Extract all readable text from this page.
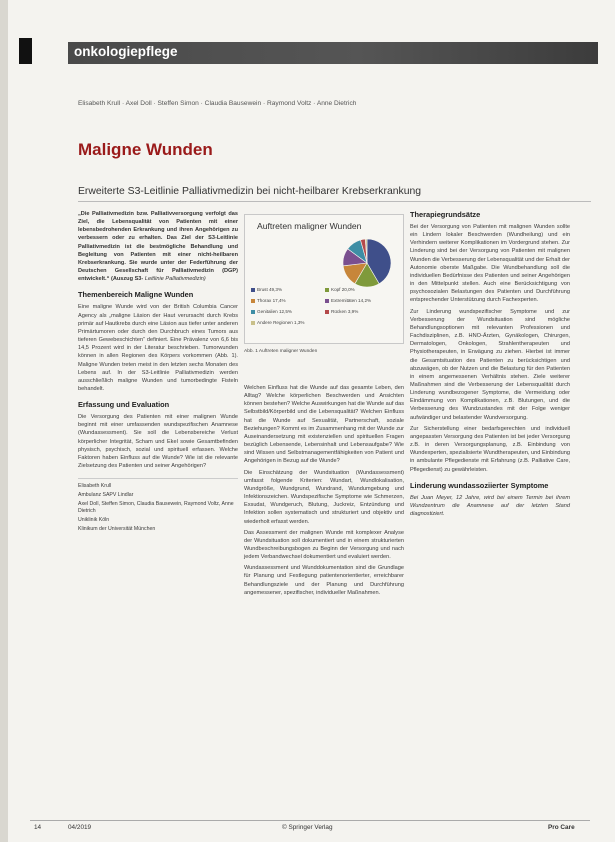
onkologiepflege
Elisabeth Krull · Axel Doll · Steffen Simon · Claudia Bausewein · Raymond Voltz · Anne Dietrich
Maligne Wunden
Erweiterte S3-Leitlinie Palliativmedizin bei nicht-heilbarer Krebserkrankung

„Die Palliativmedizin bzw. Palliativversorgung verfolgt das Ziel, die Lebensqualität von Patienten mit einer lebensbedrohenden Erkrankung und ihren Angehörigen zu verbessern oder zu erhalten. Das Ziel der S3-Leitlinie Palliativmedizin ist die bestmögliche Behandlung und Begleitung von Patienten mit einer nicht-heilbaren Krebserkrankung. Sie wurde unter der Federführung der Deutschen Gesellschaft für Palliativmedizin (DGP) entwickelt.“ (Auszug S3- Leitlinie Palliativmedizin)

Themenbereich Maligne Wunden

Eine maligne Wunde wird von der British Columbia Cancer Agency als „maligne Läsion der Haut verursacht durch Krebs primär auf Hautkrebs durch eine Läsion aus tiefer unter anderen Primärtumoren oder durch den Durchbruch eines Tumors aus tieferen Gewebeschichten“ definiert. Eine Prävalenz von 6,6 bis 14,5 Prozent wird in der Literatur beschrieben. Tumorwunden können in allen Regionen des Körpers vorkommen (Abb. 1). Maligne Wunden treten meist in den letzten sechs Monaten des Lebens auf. In der S3-Leitlinie Palliativmedizin werden ausschließlich maligne Wunden und tumorbedingte Fisteln behandelt.

Erfassung und Evaluation

Die Versorgung des Patienten mit einer malignen Wunde beginnt mit einer umfassenden wundspezifischen Anamnese (Wundassessment). Sie soll die Lebensbereiche Verlust körperlicher Integrität, Scham und Ekel sowie Gesamtbefinden physisch, psychisch, sozial und spirituell erfassen. Welche Faktoren haben Einfluss auf die Wunde? Wie ist die relevante Zielsetzung des Patienten und seiner Angehörigen?

Elisabeth Krull
Ambulanz SAPV Lindlar
Axel Doll, Steffen Simon, Claudia Bausewein, Raymond Voltz, Anne Dietrich
Uniklinik Köln
Klinikum der Universität München
Auftreten maligner Wunden
Brust 49,3%	Kopf 20,0%
Thorax 17,4%	Extremitäten 14,2%
Genitalien 12,5%	Rücken 3,9%
Andere Regionen 1,3%
Abb. 1 Auftreten maligner Wunden

Welchen Einfluss hat die Wunde auf das gesamte Leben, den Alltag? Welche körperlichen Beschwerden und Ansichten können bestehen? Welche Auswirkungen hat die Wunde auf das Selbstbild/Körperbild und die Lebensqualität? Welchen Einfluss hat die Wunde auf Sexualität, Partnerschaft, soziale Beziehungen? Kommt es im Zusammenhang mit der Wunde zur Auseinandersetzung mit existenziellen und spirituellen Fragen bezüglich Lebensende, Lebensinhalt und Lebensaufgabe? Wie sind Wissen und Selbstmanagementfähigkeiten von Patient und Angehörigen in Bezug auf die Wunde?

Die Einschätzung der Wundsituation (Wundassessment) umfasst folgende Kriterien: Wundart, Wundlokalisation, Wundgröße, Wundgrund, Wundrand, Wundumgebung und Infektionszeichen. Wundspezifische Symptome wie Schmerzen, Exsudat, Wundgeruch, Blutung, Juckreiz, Entzündung und Infektion sollen systematisch und strukturiert und objektiv und wiederholt erfasst werden.

Das Assessment der malignen Wunde mit komplexer Analyse der Wundsituation soll dokumentiert und in einem strukturierten Wundbeschreibungsbogen zu Beginn der Versorgung und nach jedem Verbandwechsel dokumentiert und evaluiert werden.

Wundassessment und Wunddokumentation sind die Grundlage für Planung und Festlegung patientenorientierter, erreichbarer Behandlungsziele und der Planung und Durchführung angemessener, spezifischer, individueller Maßnahmen.

Therapiegrundsätze

Bei der Versorgung von Patienten mit malignen Wunden sollte ein Lindern lokaler Beschwerden (Wundheilung) und ein Verhindern weiterer Komplikationen im Vordergrund stehen. Zur Linderung sind bei der Versorgung von Patienten mit malignen Wunden die Verbesserung der Lebensqualität und der Erhalt der Autonomie oberste Maßgabe. Die Wundbehandlung soll die individuellen Bedürfnisse des Patienten und seiner Angehörigen in den Mittelpunkt stellen. Auch eine Berücksichtigung von psychosozialen Belastungen des Patienten und Durchführung entsprechender Unterstützung durch Fachexperten.

Zur Linderung wundspezifischer Symptome und zur Verbesserung der Wundsituation sind mögliche Behandlungsoptionen mit relevanten Professionen und Fachdisziplinen, z.B. HNO-Ärzten, Gynäkologen, Chirurgen, Dermatologen, Onkologen, Strahlentherapeuten und Physiotherapeuten, in Erwägung zu ziehen. Hierbei ist immer die Gesamtsituation des Patienten zu berücksichtigen und abzuwägen, ob der Nutzen und die Belastung für den Patienten in einem angemessenen Verhältnis stehen. Ziele weiterer Maßnahmen sind die Verbesserung der Lebensqualität durch Linderung wundbezogener Symptome, die Vermeidung oder Eindämmung von Komplikationen, z.B. Blutungen, und die Verbesserung des Wundzustandes mit der Folge weniger aufwändiger und belastender Wundversorgung.

Zur Sicherstellung einer bedarfsgerechten und individuell angepassten Versorgung des Patienten ist bei jeder Versorgung z.B. in deren Versorgungsplanung, z.B. Einbindung von Wundexperten, spezialisierte Wundtherapeuten, und Einbindung in ambulante Pflegedienste mit Erfahrung (z.B. Palliative Care, Pflegedienst) zu gewährleisten.

Linderung wundassoziierter Symptome

Bei Juan Meyer, 12 Jahre, wird bei einem Termin bei ihrem Wundzentrum die Anamnese auf der letzten Stand diagnostiziert.

14	04/2019	© Springer Verlag	Pro Care
